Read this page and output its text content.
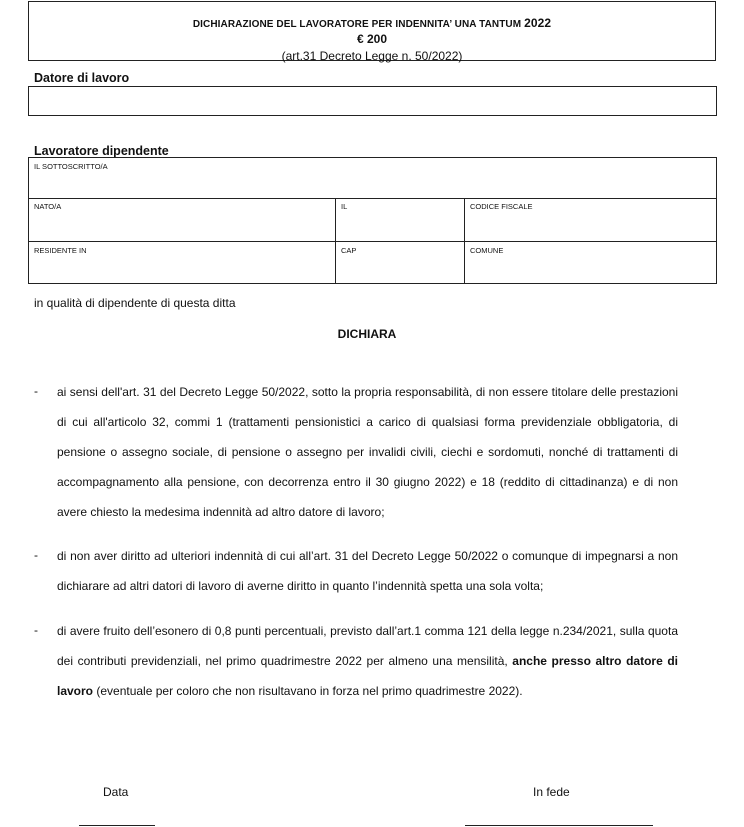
DICHIARAZIONE DEL LAVORATORE PER INDENNITA’ UNA TANTUM 2022
€ 200
(art.31 Decreto Legge n. 50/2022)
Datore di lavoro
Lavoratore dipendente
IL SOTTOSCRITTO/A
NATO/A	IL	CODICE FISCALE
RESIDENTE IN	CAP	COMUNE
in qualità di dipendente di questa ditta
DICHIARA
- ai sensi dell'art. 31 del Decreto Legge 50/2022, sotto la propria responsabilità, di non essere titolare delle prestazioni di cui all'articolo 32, commi 1 (trattamenti pensionistici a carico di qualsiasi forma previdenziale obbligatoria, di pensione o assegno sociale, di pensione o assegno per invalidi civili, ciechi e sordomuti, nonché di trattamenti di accompagnamento alla pensione, con decorrenza entro il 30 giugno 2022) e 18 (reddito di cittadinanza) e di non avere chiesto la medesima indennità ad altro datore di lavoro;
- di non aver diritto ad ulteriori indennità di cui all’art. 31 del Decreto Legge 50/2022 o comunque di impegnarsi a non dichiarare ad altri datori di lavoro di averne diritto in quanto l’indennità spetta una sola volta;
- di avere fruito dell’esonero di 0,8 punti percentuali, previsto dall’art.1 comma 121 della legge n.234/2021, sulla quota dei contributi previdenziali, nel primo quadrimestre 2022 per almeno una mensilità, anche presso altro datore di lavoro (eventuale per coloro che non risultavano in forza nel primo quadrimestre 2022).
Data	In fede
